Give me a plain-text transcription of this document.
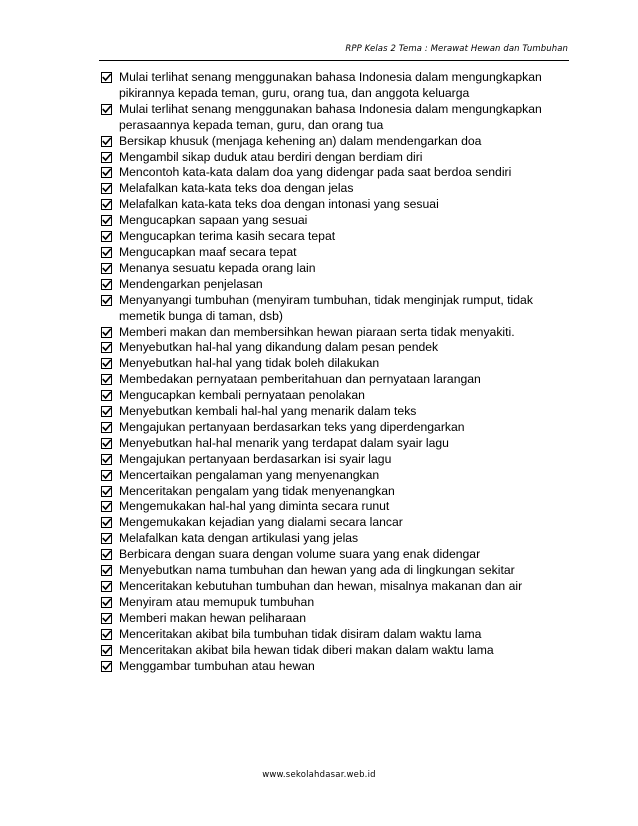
RPP Kelas 2 Tema : Merawat Hewan dan Tumbuhan
Mulai terlihat senang menggunakan bahasa Indonesia dalam mengungkapkan pikirannya kepada teman, guru, orang tua, dan anggota keluarga
Mulai terlihat senang menggunakan bahasa Indonesia dalam mengungkapkan perasaannya kepada teman, guru, dan orang tua
Bersikap khusuk (menjaga kehening an) dalam mendengarkan doa
Mengambil sikap duduk atau berdiri dengan berdiam diri
Mencontoh kata-kata dalam doa yang didengar pada saat berdoa sendiri
Melafalkan kata-kata teks doa dengan jelas
Melafalkan kata-kata teks doa dengan intonasi yang sesuai
Mengucapkan sapaan yang sesuai
Mengucapkan terima kasih secara tepat
Mengucapkan maaf secara tepat
Menanya sesuatu kepada orang lain
Mendengarkan penjelasan
Menyanyangi tumbuhan (menyiram tumbuhan, tidak menginjak rumput, tidak memetik bunga di taman, dsb)
Memberi makan dan membersihkan hewan piaraan serta tidak menyakiti.
Menyebutkan hal-hal yang dikandung dalam pesan pendek
Menyebutkan hal-hal yang tidak boleh dilakukan
Membedakan pernyataan pemberitahuan dan pernyataan larangan
Mengucapkan kembali pernyataan penolakan
Menyebutkan kembali hal-hal yang menarik dalam teks
Mengajukan pertanyaan berdasarkan teks yang diperdengarkan
Menyebutkan hal-hal menarik yang terdapat dalam syair lagu
Mengajukan pertanyaan berdasarkan isi syair lagu
Mencertaikan pengalaman yang menyenangkan
Menceritakan pengalam yang tidak menyenangkan
Mengemukakan hal-hal yang diminta secara runut
Mengemukakan kejadian yang dialami secara lancar
Melafalkan kata dengan artikulasi yang jelas
Berbicara dengan suara dengan volume suara yang enak didengar
Menyebutkan nama tumbuhan dan hewan yang ada di lingkungan sekitar
Menceritakan kebutuhan tumbuhan dan hewan, misalnya makanan dan air
Menyiram atau memupuk tumbuhan
Memberi makan hewan peliharaan
Menceritakan akibat bila tumbuhan tidak disiram dalam waktu lama
Menceritakan akibat bila hewan tidak diberi makan dalam waktu lama
Menggambar tumbuhan atau hewan
www.sekolahdasar.web.id
